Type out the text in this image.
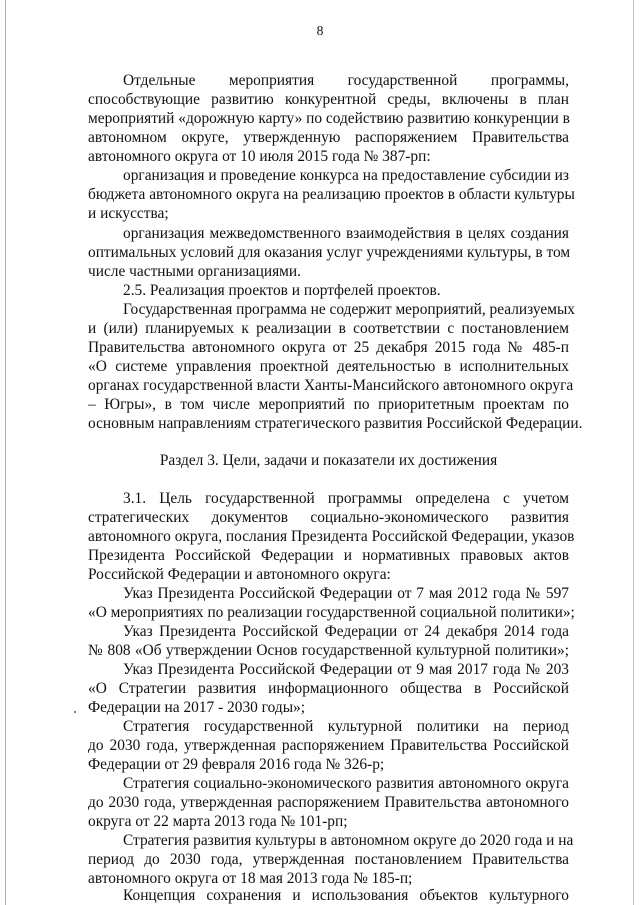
8
Отдельные мероприятия государственной программы,
способствующие развитию конкурентной среды, включены в план
мероприятий «дорожную карту» по содействию развитию конкуренции в
автономном округе, утвержденную распоряжением Правительства
автономного округа от 10 июля 2015 года № 387-рп:
организация и проведение конкурса на предоставление субсидии из
бюджета автономного округа на реализацию проектов в области культуры
и искусства;
организация межведомственного взаимодействия в целях создания
оптимальных условий для оказания услуг учреждениями культуры, в том
числе частными организациями.
2.5. Реализация проектов и портфелей проектов.
Государственная программа не содержит мероприятий, реализуемых
и (или) планируемых к реализации в соответствии с постановлением
Правительства автономного округа от 25 декабря 2015 года № 485-п
«О системе управления проектной деятельностью в исполнительных
органах государственной власти Ханты-Мансийского автономного округа
– Югры», в том числе мероприятий по приоритетным проектам по
основным направлениям стратегического развития Российской Федерации.
Раздел 3. Цели, задачи и показатели их достижения
3.1. Цель государственной программы определена с учетом
стратегических документов социально-экономического развития
автономного округа, послания Президента Российской Федерации, указов
Президента Российской Федерации и нормативных правовых актов
Российской Федерации и автономного округа:
Указ Президента Российской Федерации от 7 мая 2012 года № 597
«О мероприятиях по реализации государственной социальной политики»;
Указ Президента Российской Федерации от 24 декабря 2014 года
№ 808 «Об утверждении Основ государственной культурной политики»;
Указ Президента Российской Федерации от 9 мая 2017 года № 203
«О Стратегии развития информационного общества в Российской
Федерации на 2017 - 2030 годы»;
Стратегия государственной культурной политики на период
до 2030 года, утвержденная распоряжением Правительства Российской
Федерации от 29 февраля 2016 года № 326-р;
Стратегия социально-экономического развития автономного округа
до 2030 года, утвержденная распоряжением Правительства автономного
округа от 22 марта 2013 года № 101-рп;
Стратегия развития культуры в автономном округе до 2020 года и на
период до 2030 года, утвержденная постановлением Правительства
автономного округа от 18 мая 2013 года № 185-п;
Концепция сохранения и использования объектов культурного
